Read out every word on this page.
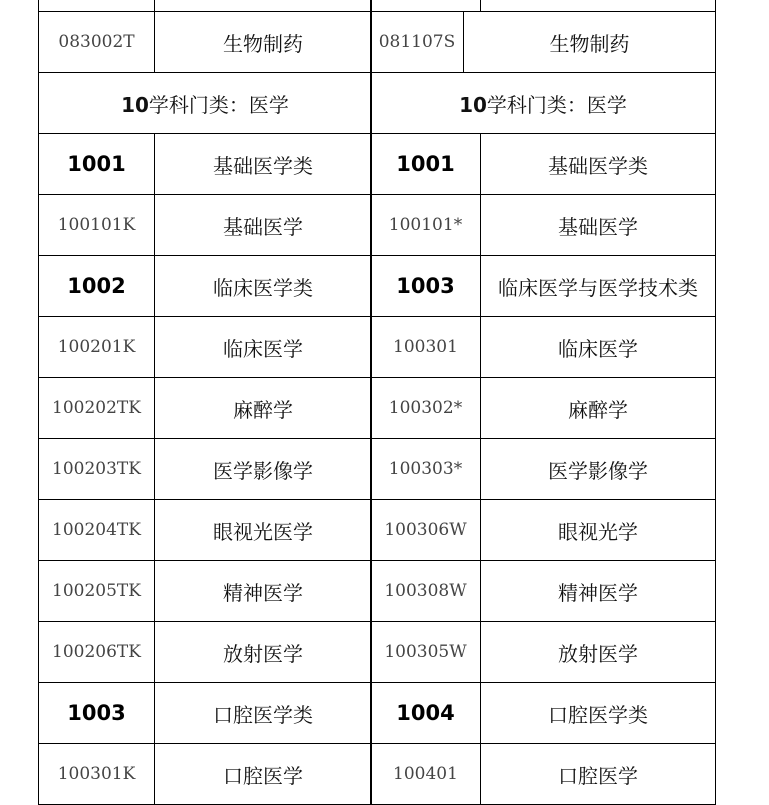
083002T	生物制药
10学科门类：医学	
1001	基础医学类
100101K	基础医学
1002	临床医学类
100201K	临床医学
100202TK	麻醉学
100203TK	医学影像学
100204TK	眼视光医学
100205TK	精神医学
100206TK	放射医学
1003	口腔医学类
100301K	口腔医学

081107S	生物制药
10学科门类：医学	
1001	基础医学类
100101*	基础医学
1003	临床医学与医学技术类
100301	临床医学
100302*	麻醉学
100303*	医学影像学
100306W	眼视光学
100308W	精神医学
100305W	放射医学
1004	口腔医学类
100401	口腔医学
